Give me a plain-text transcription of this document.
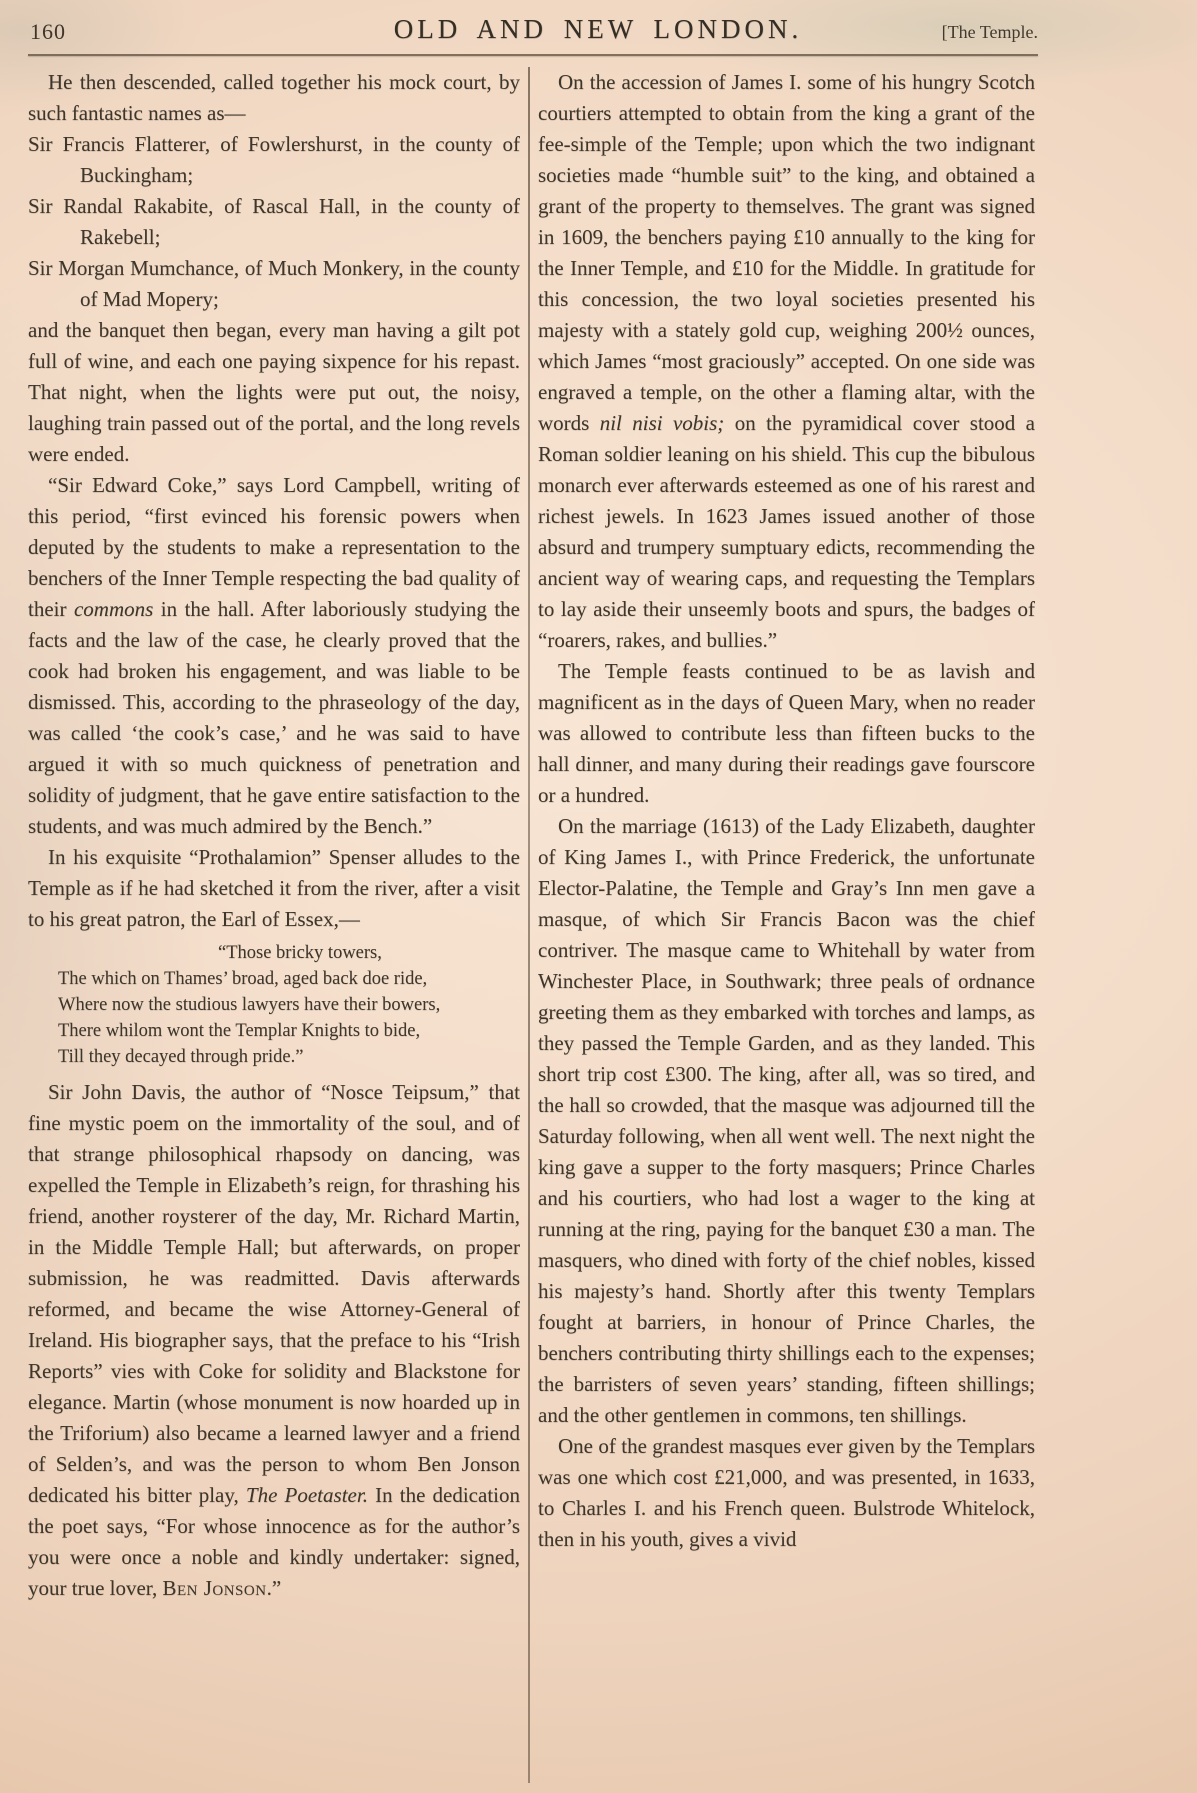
160	OLD AND NEW LONDON.	[The Temple.

He then descended, called together his mock court, by such fantastic names as—

Sir Francis Flatterer, of Fowlershurst, in the county of Buckingham;
Sir Randal Rakabite, of Rascal Hall, in the county of Rakebell;
Sir Morgan Mumchance, of Much Monkery, in the county of Mad Mopery;

and the banquet then began, every man having a gilt pot full of wine, and each one paying sixpence for his repast. That night, when the lights were put out, the noisy, laughing train passed out of the portal, and the long revels were ended.

“Sir Edward Coke,” says Lord Campbell, writing of this period, “first evinced his forensic powers when deputed by the students to make a representation to the benchers of the Inner Temple respecting the bad quality of their commons in the hall. After laboriously studying the facts and the law of the case, he clearly proved that the cook had broken his engagement, and was liable to be dismissed. This, according to the phraseology of the day, was called ‘the cook’s case,’ and he was said to have argued it with so much quickness of penetration and solidity of judgment, that he gave entire satisfaction to the students, and was much admired by the Bench.”

In his exquisite “Prothalamion” Spenser alludes to the Temple as if he had sketched it from the river, after a visit to his great patron, the Earl of Essex,—

“Those bricky towers,
The which on Thames’ broad, aged back doe ride,
Where now the studious lawyers have their bowers,
There whilom wont the Templar Knights to bide,
Till they decayed through pride.”

Sir John Davis, the author of “Nosce Teipsum,” that fine mystic poem on the immortality of the soul, and of that strange philosophical rhapsody on dancing, was expelled the Temple in Elizabeth’s reign, for thrashing his friend, another roysterer of the day, Mr. Richard Martin, in the Middle Temple Hall; but afterwards, on proper submission, he was readmitted. Davis afterwards reformed, and became the wise Attorney-General of Ireland. His biographer says, that the preface to his “Irish Reports” vies with Coke for solidity and Blackstone for elegance. Martin (whose monument is now hoarded up in the Triforium) also became a learned lawyer and a friend of Selden’s, and was the person to whom Ben Jonson dedicated his bitter play, The Poetaster. In the dedication the poet says, “For whose innocence as for the author’s you were once a noble and kindly undertaker: signed, your true lover, Ben Jonson.”

On the accession of James I. some of his hungry Scotch courtiers attempted to obtain from the king a grant of the fee-simple of the Temple; upon which the two indignant societies made “humble suit” to the king, and obtained a grant of the property to themselves. The grant was signed in 1609, the benchers paying £10 annually to the king for the Inner Temple, and £10 for the Middle. In gratitude for this concession, the two loyal societies presented his majesty with a stately gold cup, weighing 200½ ounces, which James “most graciously” accepted. On one side was engraved a temple, on the other a flaming altar, with the words nil nisi vobis; on the pyramidical cover stood a Roman soldier leaning on his shield. This cup the bibulous monarch ever afterwards esteemed as one of his rarest and richest jewels. In 1623 James issued another of those absurd and trumpery sumptuary edicts, recommending the ancient way of wearing caps, and requesting the Templars to lay aside their unseemly boots and spurs, the badges of “roarers, rakes, and bullies.”

The Temple feasts continued to be as lavish and magnificent as in the days of Queen Mary, when no reader was allowed to contribute less than fifteen bucks to the hall dinner, and many during their readings gave fourscore or a hundred.

On the marriage (1613) of the Lady Elizabeth, daughter of King James I., with Prince Frederick, the unfortunate Elector-Palatine, the Temple and Gray’s Inn men gave a masque, of which Sir Francis Bacon was the chief contriver. The masque came to Whitehall by water from Winchester Place, in Southwark; three peals of ordnance greeting them as they embarked with torches and lamps, as they passed the Temple Garden, and as they landed. This short trip cost £300. The king, after all, was so tired, and the hall so crowded, that the masque was adjourned till the Saturday following, when all went well. The next night the king gave a supper to the forty masquers; Prince Charles and his courtiers, who had lost a wager to the king at running at the ring, paying for the banquet £30 a man. The masquers, who dined with forty of the chief nobles, kissed his majesty’s hand. Shortly after this twenty Templars fought at barriers, in honour of Prince Charles, the benchers contributing thirty shillings each to the expenses; the barristers of seven years’ standing, fifteen shillings; and the other gentlemen in commons, ten shillings.

One of the grandest masques ever given by the Templars was one which cost £21,000, and was presented, in 1633, to Charles I. and his French queen. Bulstrode Whitelock, then in his youth, gives a vivid
